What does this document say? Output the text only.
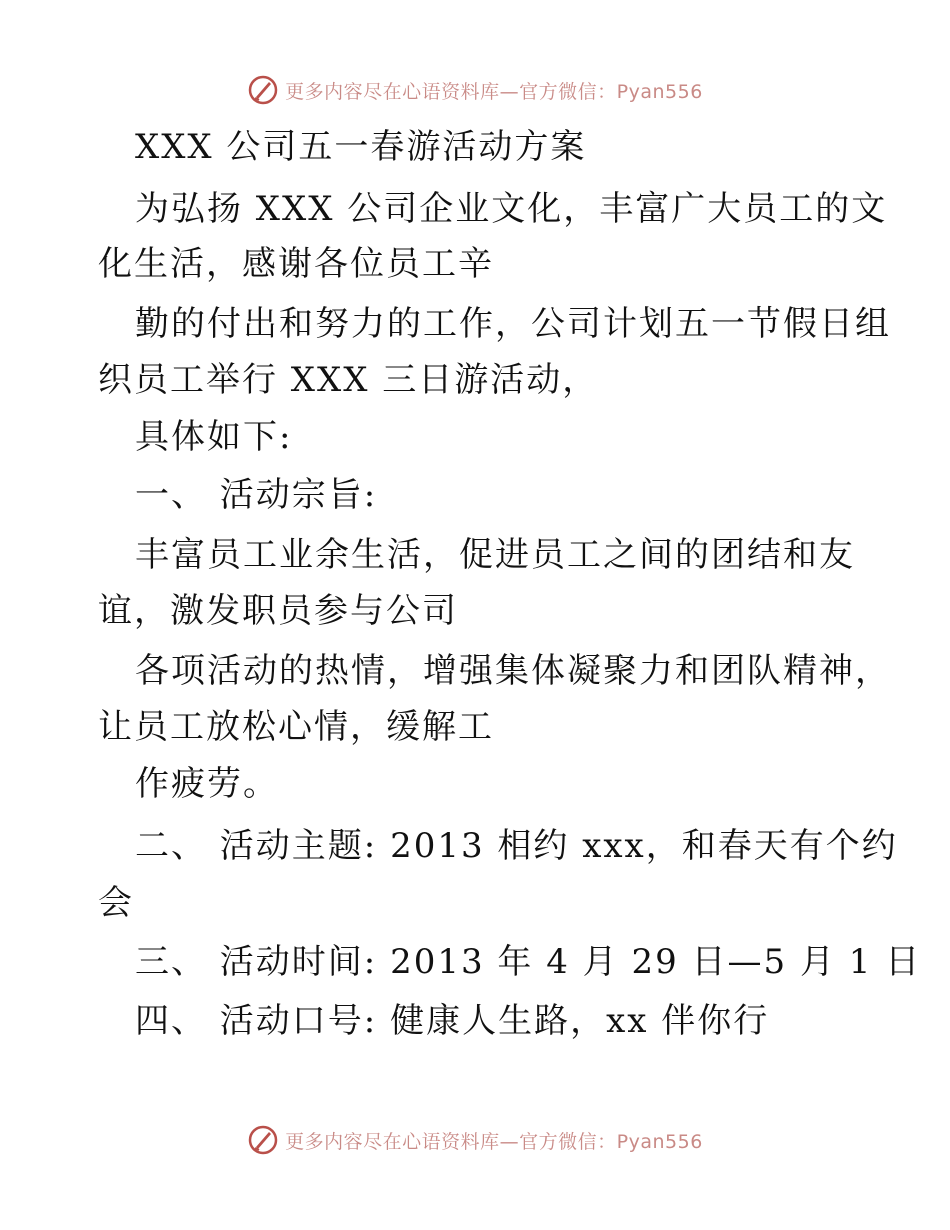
更多内容尽在心语资料库—官方微信：Pyan556
XXX 公司五一春游活动方案
为弘扬 XXX 公司企业文化，丰富广大员工的文
化生活，感谢各位员工辛
勤的付出和努力的工作，公司计划五一节假日组
织员工举行 XXX 三日游活动，
具体如下:
一、 活动宗旨:
丰富员工业余生活，促进员工之间的团结和友
谊，激发职员参与公司
各项活动的热情，增强集体凝聚力和团队精神，
让员工放松心情，缓解工
作疲劳。
二、 活动主题: 2013 相约 xxx，和春天有个约
会
三、 活动时间: 2013 年 4 月 29 日—5 月 1 日
四、 活动口号: 健康人生路，xx 伴你行
更多内容尽在心语资料库—官方微信：Pyan556
